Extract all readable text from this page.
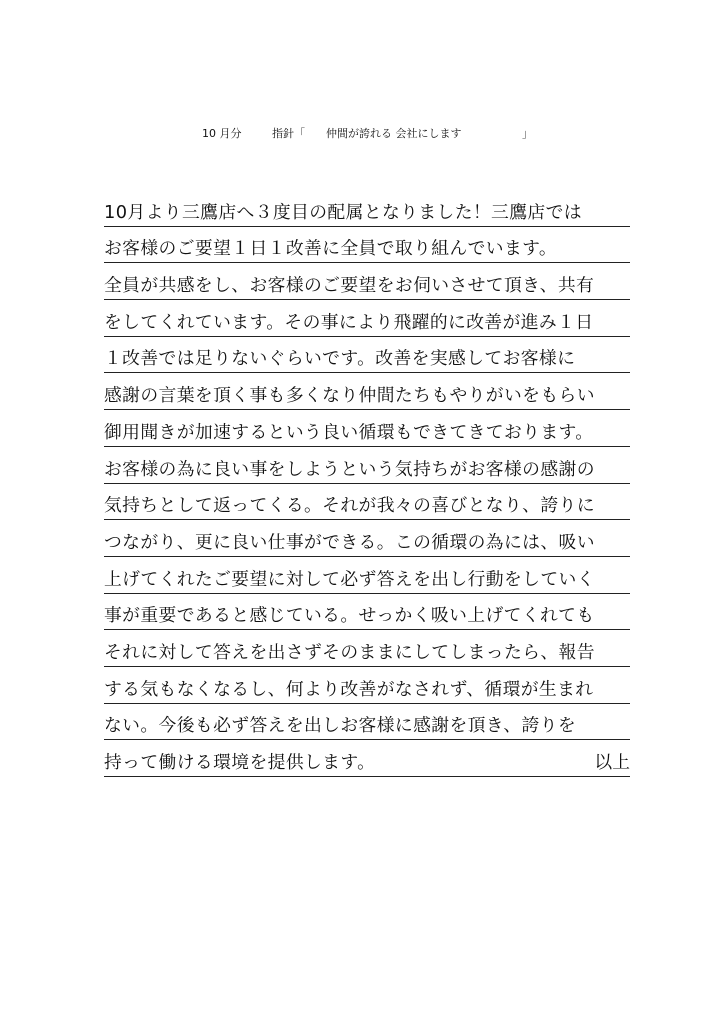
10 月分	指針「 仲間が誇れる 会社にします	」
10月より三鷹店へ３度目の配属となりました！三鷹店では
お客様のご要望１日１改善に全員で取り組んでいます。
全員が共感をし、お客様のご要望をお伺いさせて頂き、共有
をしてくれています。その事により飛躍的に改善が進み１日
１改善では足りないぐらいです。改善を実感してお客様に
感謝の言葉を頂く事も多くなり仲間たちもやりがいをもらい
御用聞きが加速するという良い循環もできてきております。
お客様の為に良い事をしようという気持ちがお客様の感謝の
気持ちとして返ってくる。それが我々の喜びとなり、誇りに
つながり、更に良い仕事ができる。この循環の為には、吸い
上げてくれたご要望に対して必ず答えを出し行動をしていく
事が重要であると感じている。せっかく吸い上げてくれても
それに対して答えを出さずそのままにしてしまったら、報告
する気もなくなるし、何より改善がなされず、循環が生まれ
ない。今後も必ず答えを出しお客様に感謝を頂き、誇りを
持って働ける環境を提供します。	以上
